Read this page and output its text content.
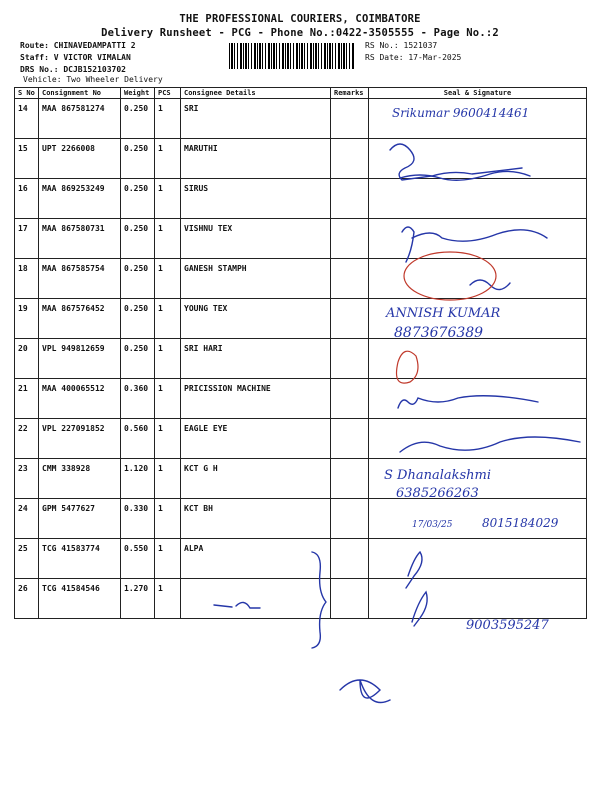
THE PROFESSIONAL COURIERS, COIMBATORE
Delivery Runsheet - PCG - Phone No.:0422-3505555 - Page No.:2
Route: CHINAVEDAMPATTI 2
Staff: V VICTOR VIMALAN
DRS No.: DCJB152103702
Vehicle: Two Wheeler Delivery
RS No.: 1521037
RS Date: 17-Mar-2025
S No	Consignment No	Weight	PCS	Consignee Details	Remarks	Seal & Signature
14	MAA 867581274	0.250	1	SRI		
15	UPT 2266008	0.250	1	MARUTHI		
16	MAA 869253249	0.250	1	SIRUS		
17	MAA 867580731	0.250	1	VISHNU TEX		
18	MAA 867585754	0.250	1	GANESH STAMPH		
19	MAA 867576452	0.250	1	YOUNG TEX		
20	VPL 949812659	0.250	1	SRI HARI		
21	MAA 400065512	0.360	1	PRICISSION MACHINE		
22	VPL 227091852	0.560	1	EAGLE EYE		
23	CMM 338928	1.120	1	KCT G H		
24	GPM 5477627	0.330	1	KCT BH		
25	TCG 41583774	0.550	1	ALPA		
26	TCG 41584546	1.270	1			
Srikumar 9600414461
ANNISH KUMAR
8873676389
S Dhanalakshmi
6385266263
17/03/25 8015184029
9003595247
